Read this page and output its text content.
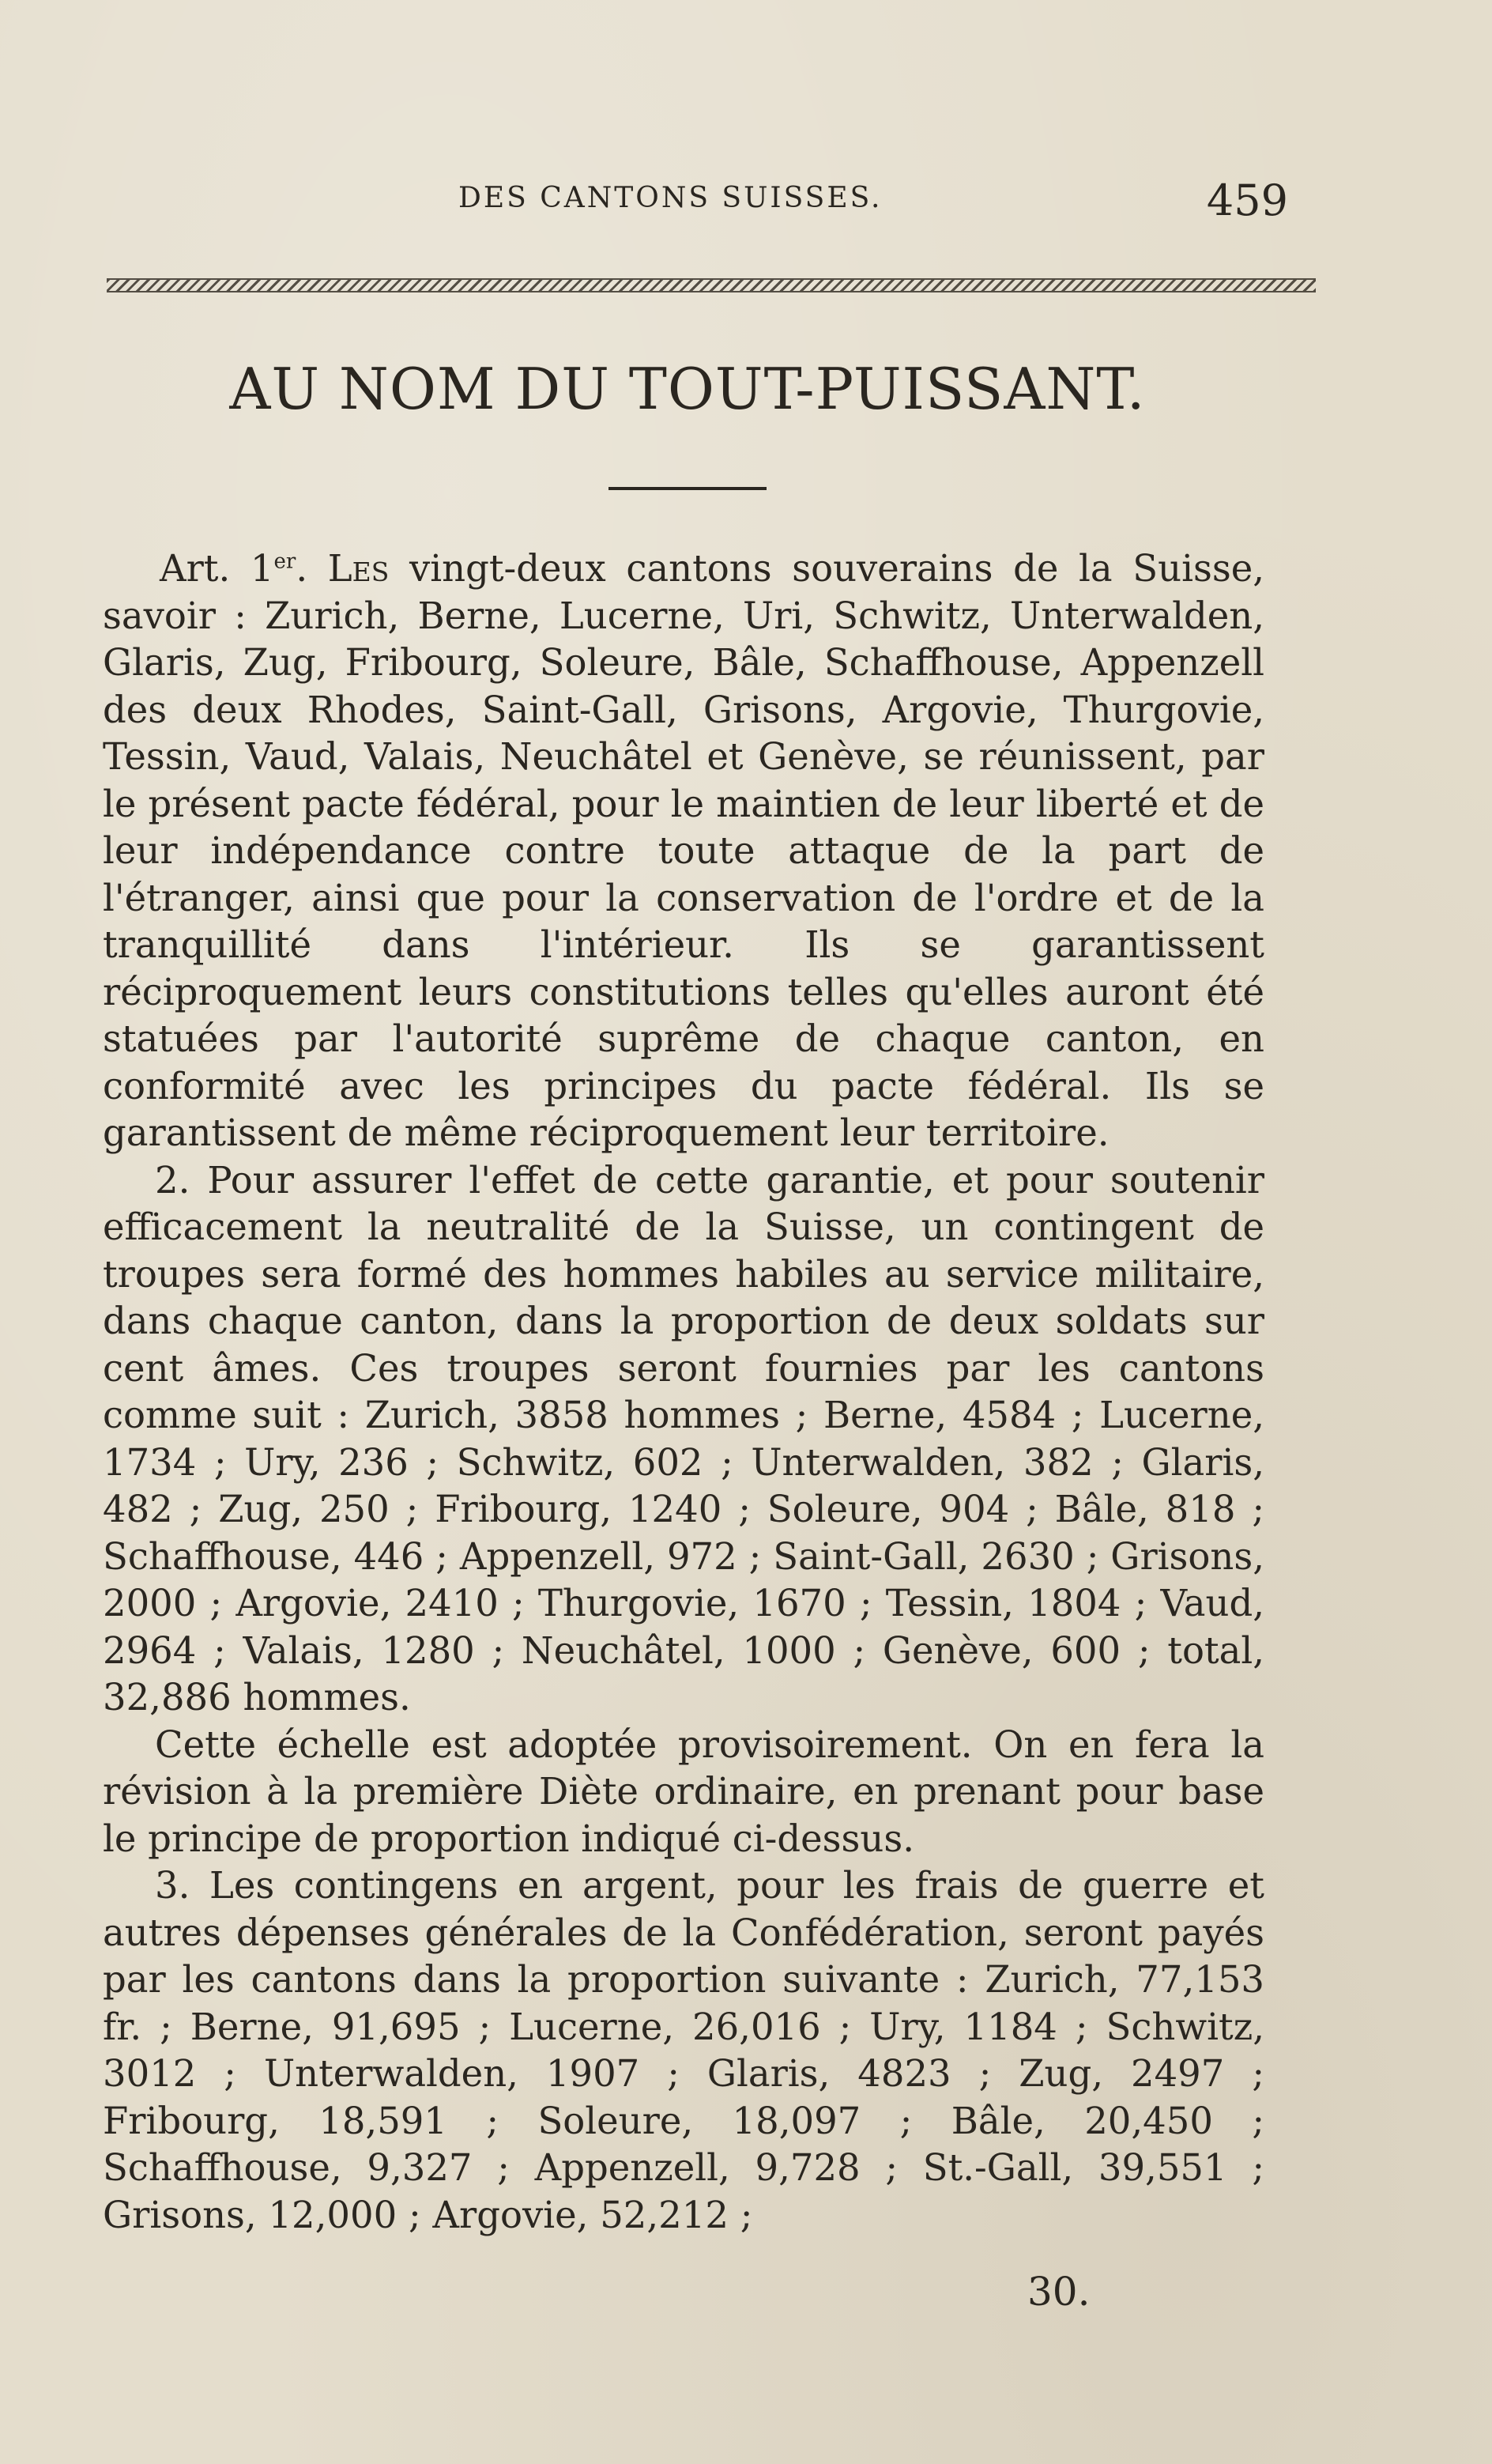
DES CANTONS SUISSES.	459
AU NOM DU TOUT-PUISSANT.

Art. 1er. Les vingt-deux cantons souverains de la Suisse, savoir : Zurich, Berne, Lucerne, Uri, Schwitz, Unterwalden, Glaris, Zug, Fribourg, Soleure, Bâle, Schaffhouse, Appenzell des deux Rhodes, Saint-Gall, Grisons, Argovie, Thurgovie, Tessin, Vaud, Valais, Neuchâtel et Genève, se réunissent, par le présent pacte fédéral, pour le maintien de leur liberté et de leur indépendance contre toute attaque de la part de l'étranger, ainsi que pour la conservation de l'ordre et de la tranquillité dans l'intérieur. Ils se garantissent réciproquement leurs constitutions telles qu'elles auront été statuées par l'autorité suprême de chaque canton, en conformité avec les principes du pacte fédéral. Ils se garantissent de même réciproquement leur territoire.

2. Pour assurer l'effet de cette garantie, et pour soutenir efficacement la neutralité de la Suisse, un contingent de troupes sera formé des hommes habiles au service militaire, dans chaque canton, dans la proportion de deux soldats sur cent âmes. Ces troupes seront fournies par les cantons comme suit : Zurich, 3858 hommes ; Berne, 4584 ; Lucerne, 1734 ; Ury, 236 ; Schwitz, 602 ; Unterwalden, 382 ; Glaris, 482 ; Zug, 250 ; Fribourg, 1240 ; Soleure, 904 ; Bâle, 818 ; Schaffhouse, 446 ; Appenzell, 972 ; Saint-Gall, 2630 ; Grisons, 2000 ; Argovie, 2410 ; Thurgovie, 1670 ; Tessin, 1804 ; Vaud, 2964 ; Valais, 1280 ; Neuchâtel, 1000 ; Genève, 600 ; total, 32,886 hommes.

Cette échelle est adoptée provisoirement. On en fera la révision à la première Diète ordinaire, en prenant pour base le principe de proportion indiqué ci-dessus.

3. Les contingens en argent, pour les frais de guerre et autres dépenses générales de la Confédération, seront payés par les cantons dans la proportion suivante : Zurich, 77,153 fr. ; Berne, 91,695 ; Lucerne, 26,016 ; Ury, 1184 ; Schwitz, 3012 ; Unterwalden, 1907 ; Glaris, 4823 ; Zug, 2497 ; Fribourg, 18,591 ; Soleure, 18,097 ; Bâle, 20,450 ; Schaffhouse, 9,327 ; Appenzell, 9,728 ; St.-Gall, 39,551 ; Grisons, 12,000 ; Argovie, 52,212 ;

30.
